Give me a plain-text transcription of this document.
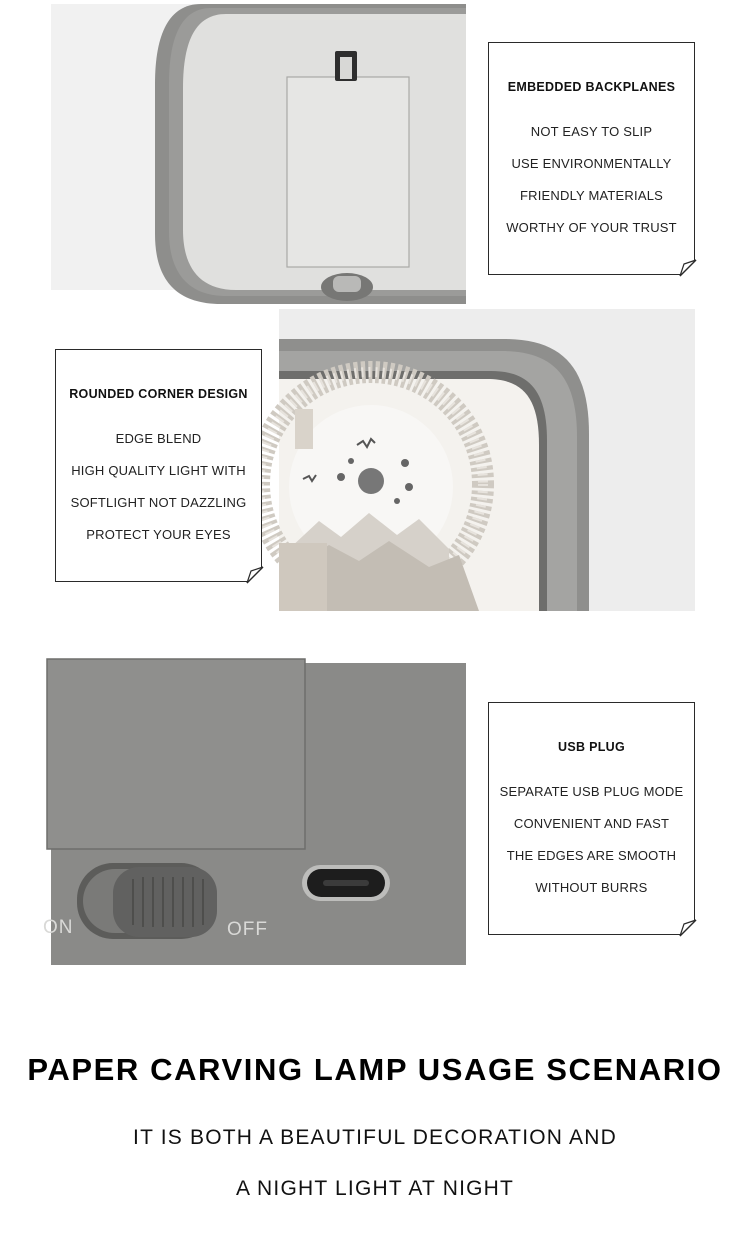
EMBEDDED BACKPLANES
NOT EASY TO SLIP
USE ENVIRONMENTALLY
FRIENDLY MATERIALS
WORTHY OF YOUR TRUST
ROUNDED CORNER DESIGN
EDGE BLEND
HIGH QUALITY LIGHT WITH
SOFTLIGHT NOT DAZZLING
PROTECT YOUR EYES
ON	OFF
USB PLUG
SEPARATE USB PLUG MODE
CONVENIENT AND FAST
THE EDGES ARE SMOOTH
WITHOUT BURRS
PAPER CARVING LAMP USAGE SCENARIO
IT IS BOTH A BEAUTIFUL DECORATION AND
A NIGHT LIGHT AT NIGHT
